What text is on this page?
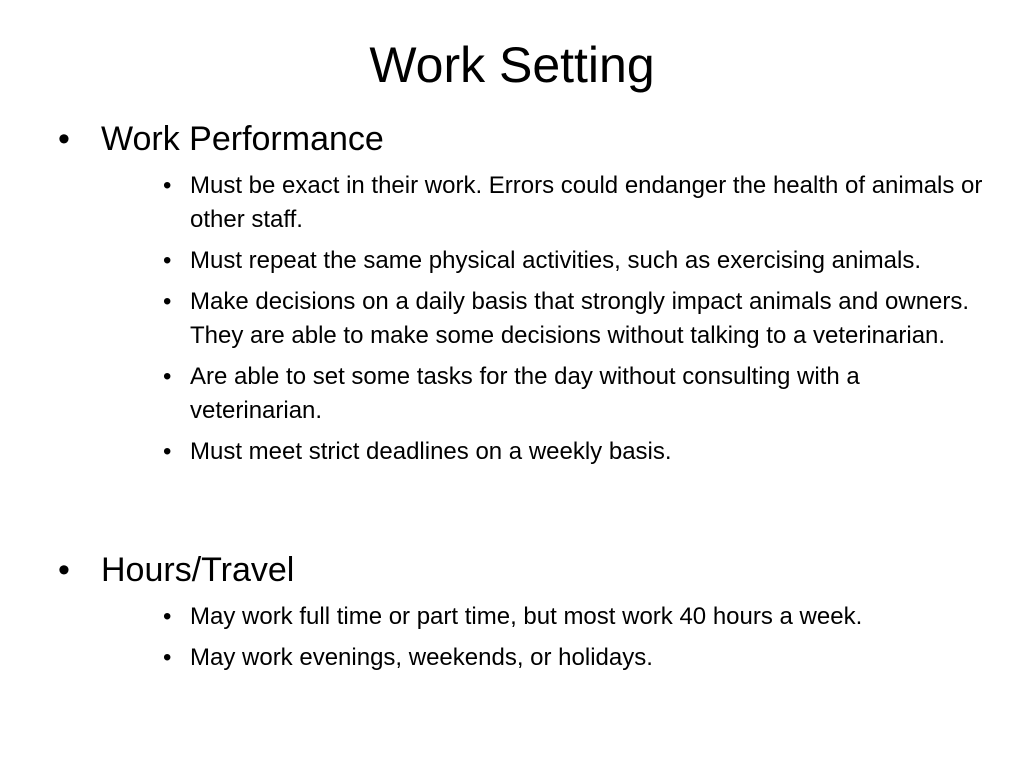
Work Setting
• Work Performance
• Must be exact in their work. Errors could endanger the health of animals or other staff.
• Must repeat the same physical activities, such as exercising animals.
• Make decisions on a daily basis that strongly impact animals and owners. They are able to make some decisions without talking to a veterinarian.
• Are able to set some tasks for the day without consulting with a veterinarian.
• Must meet strict deadlines on a weekly basis.
• Hours/Travel
• May work full time or part time, but most work 40 hours a week.
• May work evenings, weekends, or holidays.
